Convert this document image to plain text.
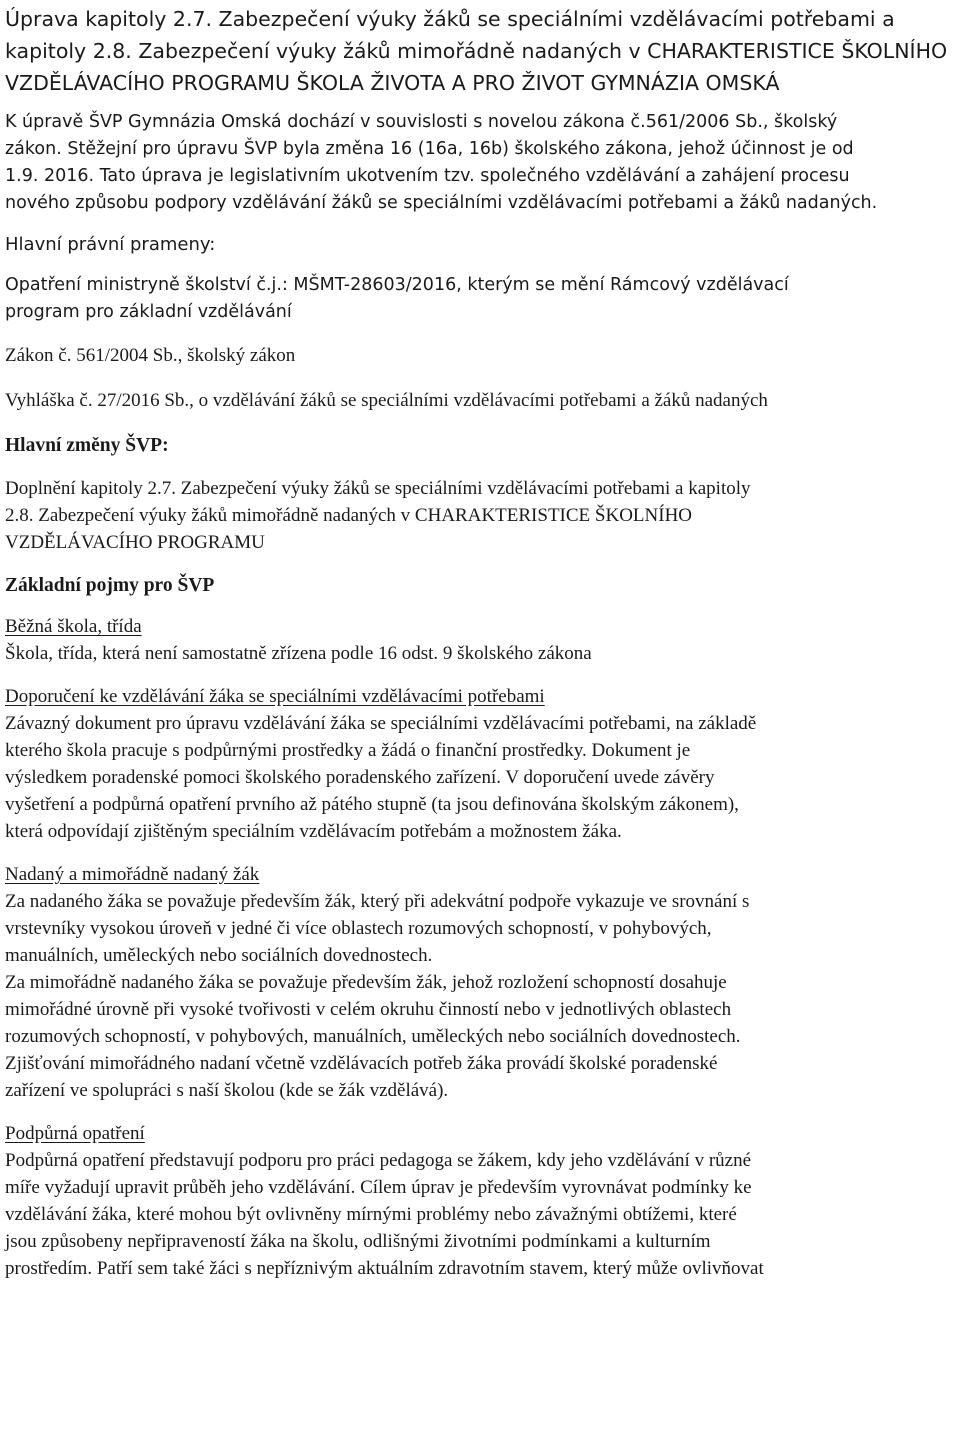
Úprava kapitoly 2.7. Zabezpečení výuky žáků se speciálními vzdělávacími potřebami a kapitoly 2.8. Zabezpečení výuky žáků mimořádně nadaných v CHARAKTERISTICE ŠKOLNÍHO VZDĚLÁVACÍHO PROGRAMU ŠKOLA ŽIVOTA A PRO ŽIVOT GYMNÁZIA OMSKÁ

K úpravě ŠVP Gymnázia Omská dochází v souvislosti s novelou zákona č.561/2006 Sb., školský

zákon. Stěžejní pro úpravu ŠVP byla změna 16 (16a, 16b) školského zákona, jehož účinnost je od

1.9. 2016. Tato úprava je legislativním ukotvením tzv. společného vzdělávání a zahájení procesu

nového způsobu podpory vzdělávání žáků se speciálními vzdělávacími potřebami a žáků nadaných.

Hlavní právní prameny:

Opatření ministryně školství č.j.: MŠMT-28603/2016, kterým se mění Rámcový vzdělávací

program pro základní vzdělávání

Zákon č. 561/2004 Sb., školský zákon

Vyhláška č. 27/2016 Sb., o vzdělávání žáků se speciálními vzdělávacími potřebami a žáků nadaných

Hlavní změny ŠVP:

Doplnění kapitoly 2.7. Zabezpečení výuky žáků se speciálními vzdělávacími potřebami a kapitoly

2.8. Zabezpečení výuky žáků mimořádně nadaných v CHARAKTERISTICE ŠKOLNÍHO

VZDĚLÁVACÍHO PROGRAMU

Základní pojmy pro ŠVP

Běžná škola, třída

Škola, třída, která není samostatně zřízena podle 16 odst. 9 školského zákona

Doporučení ke vzdělávání žáka se speciálními vzdělávacími potřebami

Závazný dokument pro úpravu vzdělávání žáka se speciálními vzdělávacími potřebami, na základě

kterého škola pracuje s podpůrnými prostředky a žádá o finanční prostředky. Dokument je

výsledkem poradenské pomoci školského poradenského zařízení. V doporučení uvede závěry

vyšetření a podpůrná opatření prvního až pátého stupně (ta jsou definována školským zákonem),

která odpovídají zjištěným speciálním vzdělávacím potřebám a možnostem žáka.

Nadaný a mimořádně nadaný žák

Za nadaného žáka se považuje především žák, který při adekvátní podpoře vykazuje ve srovnání s

vrstevníky vysokou úroveň v jedné či více oblastech rozumových schopností, v pohybových,

manuálních, uměleckých nebo sociálních dovednostech.

Za mimořádně nadaného žáka se považuje především žák, jehož rozložení schopností dosahuje

mimořádné úrovně při vysoké tvořivosti v celém okruhu činností nebo v jednotlivých oblastech

rozumových schopností, v pohybových, manuálních, uměleckých nebo sociálních dovednostech.

Zjišťování mimořádného nadaní včetně vzdělávacích potřeb žáka provádí školské poradenské

zařízení ve spolupráci s naší školou (kde se žák vzdělává).

Podpůrná opatření

Podpůrná opatření představují podporu pro práci pedagoga se žákem, kdy jeho vzdělávání v různé

míře vyžadují upravit průběh jeho vzdělávání. Cílem úprav je především vyrovnávat podmínky ke

vzdělávání žáka, které mohou být ovlivněny mírnými problémy nebo závažnými obtížemi, které

jsou způsobeny nepřipraveností žáka na školu, odlišnými životními podmínkami a kulturním

prostředím. Patří sem také žáci s nepříznivým aktuálním zdravotním stavem, který může ovlivňovat
